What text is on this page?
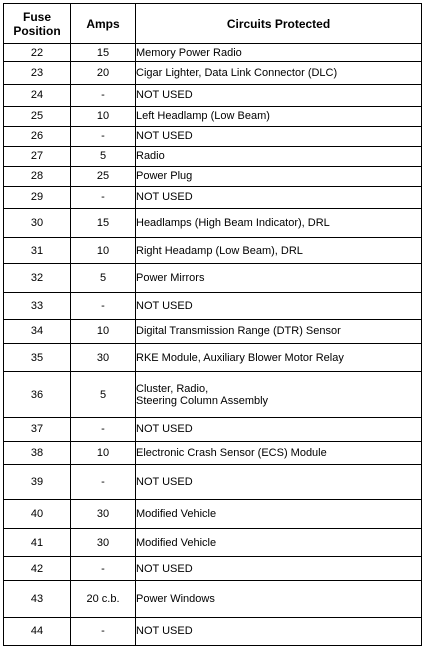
Fuse
Position	Amps	Circuits Protected
22	15	Memory Power Radio

23	20	Cigar Lighter, Data Link Connector (DLC)

24	-	NOT USED

25	10	Left Headlamp (Low Beam)

26	-	NOT USED

27	5	Radio

28	25	Power Plug

29	-	NOT USED

30	15	Headlamps (High Beam Indicator), DRL

31	10	Right Headamp (Low Beam), DRL

32	5	Power Mirrors

33	-	NOT USED

34	10	Digital Transmission Range (DTR) Sensor

35	30	RKE Module, Auxiliary Blower Motor Relay

36	5	Cluster, Radio,
Steering Column Assembly

37	-	NOT USED

38	10	Electronic Crash Sensor (ECS) Module

39	-	NOT USED

40	30	Modified Vehicle

41	30	Modified Vehicle

42	-	NOT USED

43	20 c.b.	Power Windows

44	-	NOT USED
